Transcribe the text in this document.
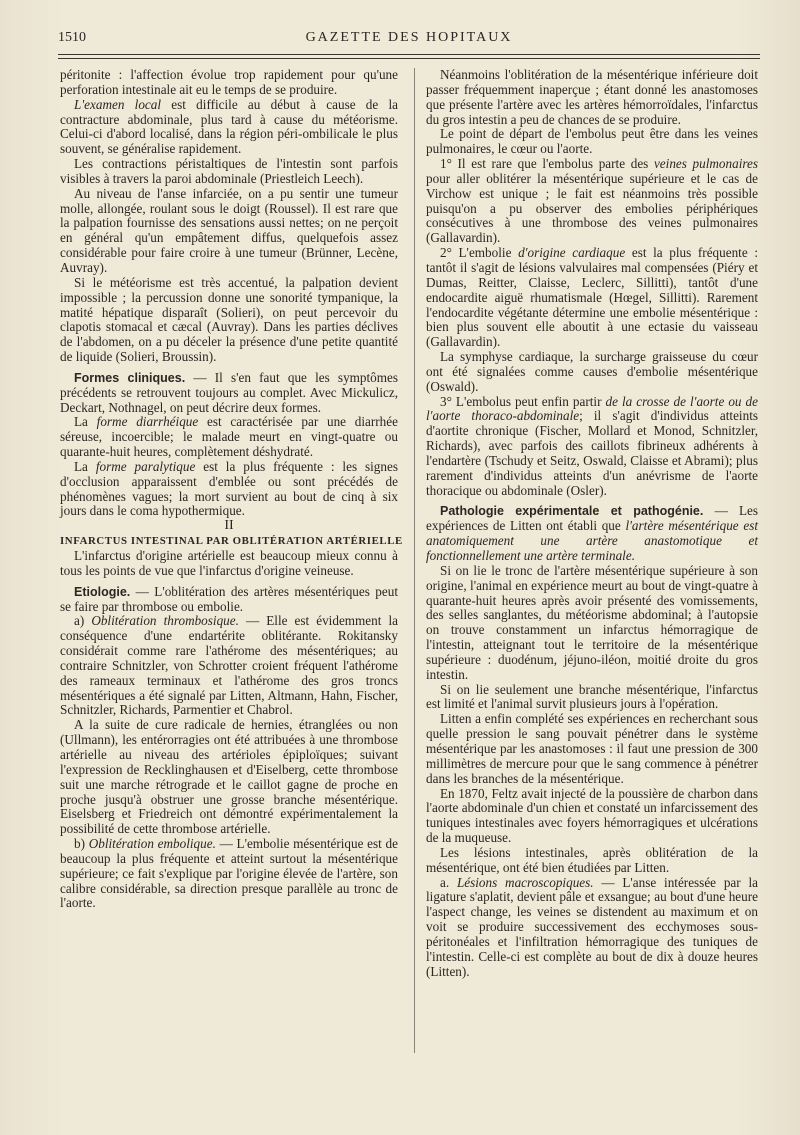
1510	GAZETTE DES HOPITAUX

péritonite : l'affection évolue trop rapidement pour qu'une perforation intestinale ait eu le temps de se produire.

L'examen local est difficile au début à cause de la contracture abdominale, plus tard à cause du météorisme. Celui-ci d'abord localisé, dans la région péri-ombilicale le plus souvent, se généralise rapidement.

Les contractions péristaltiques de l'intestin sont parfois visibles à travers la paroi abdominale (Priestleich Leech).

Au niveau de l'anse infarciée, on a pu sentir une tumeur molle, allongée, roulant sous le doigt (Roussel). Il est rare que la palpation fournisse des sensations aussi nettes; on ne perçoit en général qu'un empâtement diffus, quelquefois assez considérable pour faire croire à une tumeur (Brünner, Lecène, Auvray).

Si le météorisme est très accentué, la palpation devient impossible ; la percussion donne une sonorité tympanique, la matité hépatique disparaît (Solieri), on peut percevoir du clapotis stomacal et cæcal (Auvray). Dans les parties déclives de l'abdomen, on a pu déceler la présence d'une petite quantité de liquide (Solieri, Broussin).

Formes cliniques. — Il s'en faut que les symptômes précédents se retrouvent toujours au complet. Avec Mickulicz, Deckart, Nothnagel, on peut décrire deux formes.

La forme diarrhéique est caractérisée par une diarrhée séreuse, incoercible; le malade meurt en vingt-quatre ou quarante-huit heures, complètement déshydraté.

La forme paralytique est la plus fréquente : les signes d'occlusion apparaissent d'emblée ou sont précédés de phénomènes vagues; la mort survient au bout de cinq à six jours dans le coma hypothermique.

II

INFARCTUS INTESTINAL PAR OBLITÉRATION ARTÉRIELLE

L'infarctus d'origine artérielle est beaucoup mieux connu à tous les points de vue que l'infarctus d'origine veineuse.

Etiologie. — L'oblitération des artères mésentériques peut se faire par thrombose ou embolie.

a) Oblitération thrombosique. — Elle est évidemment la conséquence d'une endartérite oblitérante. Rokitansky considérait comme rare l'athérome des mésentériques; au contraire Schnitzler, von Schrotter croient fréquent l'athérome des rameaux terminaux et l'athérome des gros troncs mésentériques a été signalé par Litten, Altmann, Hahn, Fischer, Schnitzler, Richards, Parmentier et Chabrol.

A la suite de cure radicale de hernies, étranglées ou non (Ullmann), les entérorragies ont été attribuées à une thrombose artérielle au niveau des artérioles épiploïques; suivant l'expression de Recklinghausen et d'Eiselberg, cette thrombose suit une marche rétrograde et le caillot gagne de proche en proche jusqu'à obstruer une grosse branche mésentérique. Eiselsberg et Friedreich ont démontré expérimentalement la possibilité de cette thrombose artérielle.

b) Oblitération embolique. — L'embolie mésentérique est de beaucoup la plus fréquente et atteint surtout la mésentérique supérieure; ce fait s'explique par l'origine élevée de l'artère, son calibre considérable, sa direction presque parallèle au tronc de l'aorte.

Néanmoins l'oblitération de la mésentérique inférieure doit passer fréquemment inaperçue ; étant donné les anastomoses que présente l'artère avec les artères hémorroïdales, l'infarctus du gros intestin a peu de chances de se produire.

Le point de départ de l'embolus peut être dans les veines pulmonaires, le cœur ou l'aorte.

1° Il est rare que l'embolus parte des veines pulmonaires pour aller oblitérer la mésentérique supérieure et le cas de Virchow est unique ; le fait est néanmoins très possible puisqu'on a pu observer des embolies périphériques consécutives à une thrombose des veines pulmonaires (Gallavardin).

2° L'embolie d'origine cardiaque est la plus fréquente : tantôt il s'agit de lésions valvulaires mal compensées (Piéry et Dumas, Reitter, Claisse, Leclerc, Sillitti), tantôt d'une endocardite aiguë rhumatismale (Hœgel, Sillitti). Rarement l'endocardite végétante détermine une embolie mésentérique : bien plus souvent elle aboutit à une ectasie du vaisseau (Gallavardin).

La symphyse cardiaque, la surcharge graisseuse du cœur ont été signalées comme causes d'embolie mésentérique (Oswald).

3° L'embolus peut enfin partir de la crosse de l'aorte ou de l'aorte thoraco-abdominale; il s'agit d'individus atteints d'aortite chronique (Fischer, Mollard et Monod, Schnitzler, Richards), avec parfois des caillots fibrineux adhérents à l'endartère (Tschudy et Seitz, Oswald, Claisse et Abrami); plus rarement d'individus atteints d'un anévrisme de l'aorte thoracique ou abdominale (Osler).

Pathologie expérimentale et pathogénie. — Les expériences de Litten ont établi que l'artère mésentérique est anatomiquement une artère anastomotique et fonctionnellement une artère terminale.

Si on lie le tronc de l'artère mésentérique supérieure à son origine, l'animal en expérience meurt au bout de vingt-quatre à quarante-huit heures après avoir présenté des vomissements, des selles sanglantes, du météorisme abdominal; à l'autopsie on trouve constamment un infarctus hémorragique de l'intestin, atteignant tout le territoire de la mésentérique supérieure : duodénum, jéjuno-iléon, moitié droite du gros intestin.

Si on lie seulement une branche mésentérique, l'infarctus est limité et l'animal survit plusieurs jours à l'opération.

Litten a enfin complété ses expériences en recherchant sous quelle pression le sang pouvait pénétrer dans le système mésentérique par les anastomoses : il faut une pression de 300 millimètres de mercure pour que le sang commence à pénétrer dans les branches de la mésentérique.

En 1870, Feltz avait injecté de la poussière de charbon dans l'aorte abdominale d'un chien et constaté un infarcissement des tuniques intestinales avec foyers hémorragiques et ulcérations de la muqueuse.

Les lésions intestinales, après oblitération de la mésentérique, ont été bien étudiées par Litten.

a. Lésions macroscopiques. — L'anse intéressée par la ligature s'aplatit, devient pâle et exsangue; au bout d'une heure l'aspect change, les veines se distendent au maximum et on voit se produire successivement des ecchymoses sous-péritonéales et l'infiltration hémorragique des tuniques de l'intestin. Celle-ci est complète au bout de dix à douze heures (Litten).
